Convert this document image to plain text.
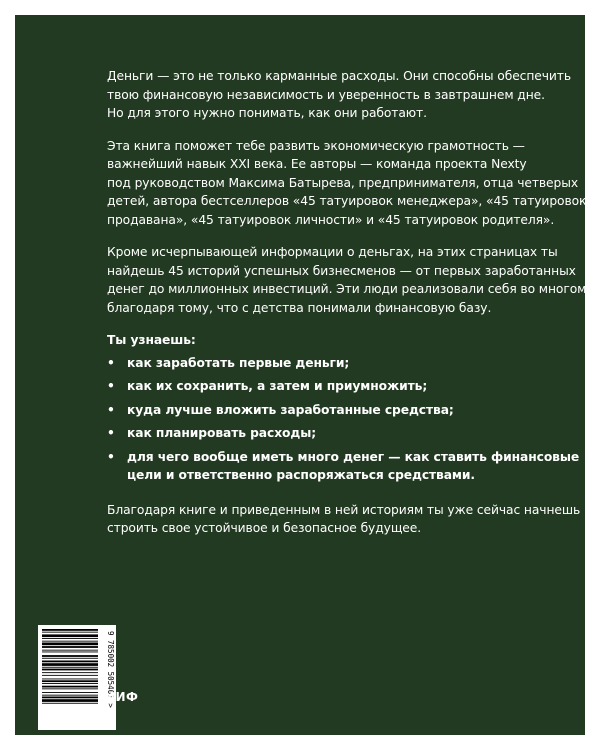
Деньги — это не только карманные расходы. Они способны обеспечить
твою финансовую независимость и уверенность в завтрашнем дне.
Но для этого нужно понимать, как они работают.

Эта книга поможет тебе развить экономическую грамотность —
важнейший навык XXI века. Ее авторы — команда проекта Nexty
под руководством Максима Батырева, предпринимателя, отца четверых
детей, автора бестселлеров «45 татуировок менеджера», «45 татуировок
продавана», «45 татуировок личности» и «45 татуировок родителя».

Кроме исчерпывающей информации о деньгах, на этих страницах ты
найдешь 45 историй успешных бизнесменов — от первых заработанных
денег до миллионных инвестиций. Эти люди реализовали себя во многом
благодаря тому, что с детства понимали финансовую базу.

Ты узнаешь:
• как заработать первые деньги;
• как их сохранить, а затем и приумножить;
• куда лучше вложить заработанные средства;
• как планировать расходы;
• для чего вообще иметь много денег — как ставить финансовые
цели и ответственно распоряжаться средствами.

Благодаря книге и приведенным в ней историям ты уже сейчас начнешь
строить свое устойчивое и безопасное будущее.

9 785002 505401 >
МИФ
